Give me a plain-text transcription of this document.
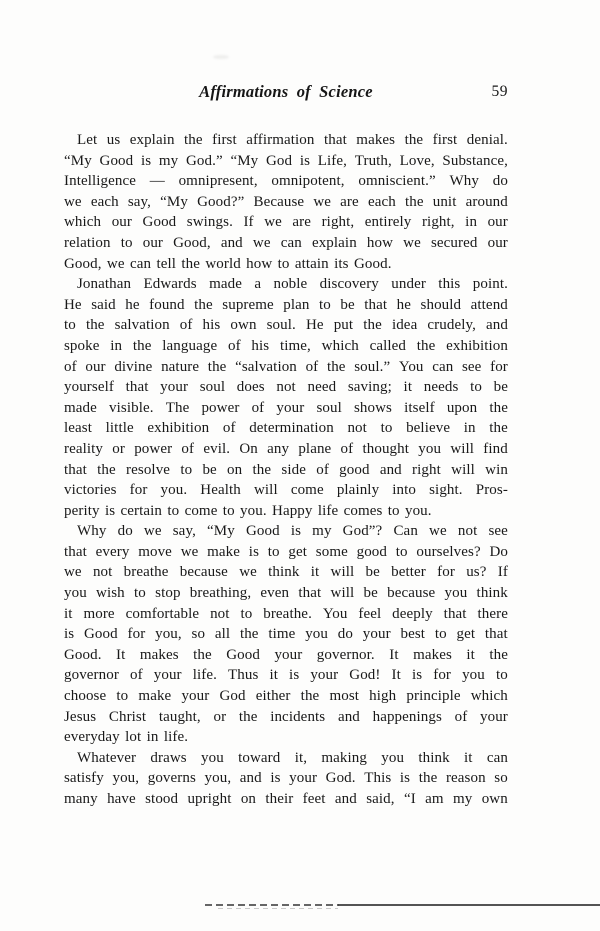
Affirmations of Science	59
Let us explain the first affirmation that makes the first denial.
“My Good is my God.” “My God is Life, Truth, Love, Substance,
Intelligence — omnipresent, omnipotent, omniscient.” Why do
we each say, “My Good?” Because we are each the unit around
which our Good swings. If we are right, entirely right, in our
relation to our Good, and we can explain how we secured our
Good, we can tell the world how to attain its Good.
Jonathan Edwards made a noble discovery under this point.
He said he found the supreme plan to be that he should attend
to the salvation of his own soul. He put the idea crudely, and
spoke in the language of his time, which called the exhibition
of our divine nature the “salvation of the soul.” You can see for
yourself that your soul does not need saving; it needs to be
made visible. The power of your soul shows itself upon the
least little exhibition of determination not to believe in the
reality or power of evil. On any plane of thought you will find
that the resolve to be on the side of good and right will win
victories for you. Health will come plainly into sight. Pros-
perity is certain to come to you. Happy life comes to you.
Why do we say, “My Good is my God”? Can we not see
that every move we make is to get some good to ourselves? Do
we not breathe because we think it will be better for us? If
you wish to stop breathing, even that will be because you think
it more comfortable not to breathe. You feel deeply that there
is Good for you, so all the time you do your best to get that
Good. It makes the Good your governor. It makes it the
governor of your life. Thus it is your God! It is for you to
choose to make your God either the most high principle which
Jesus Christ taught, or the incidents and happenings of your
everyday lot in life.
Whatever draws you toward it, making you think it can
satisfy you, governs you, and is your God. This is the reason so
many have stood upright on their feet and said, “I am my own
